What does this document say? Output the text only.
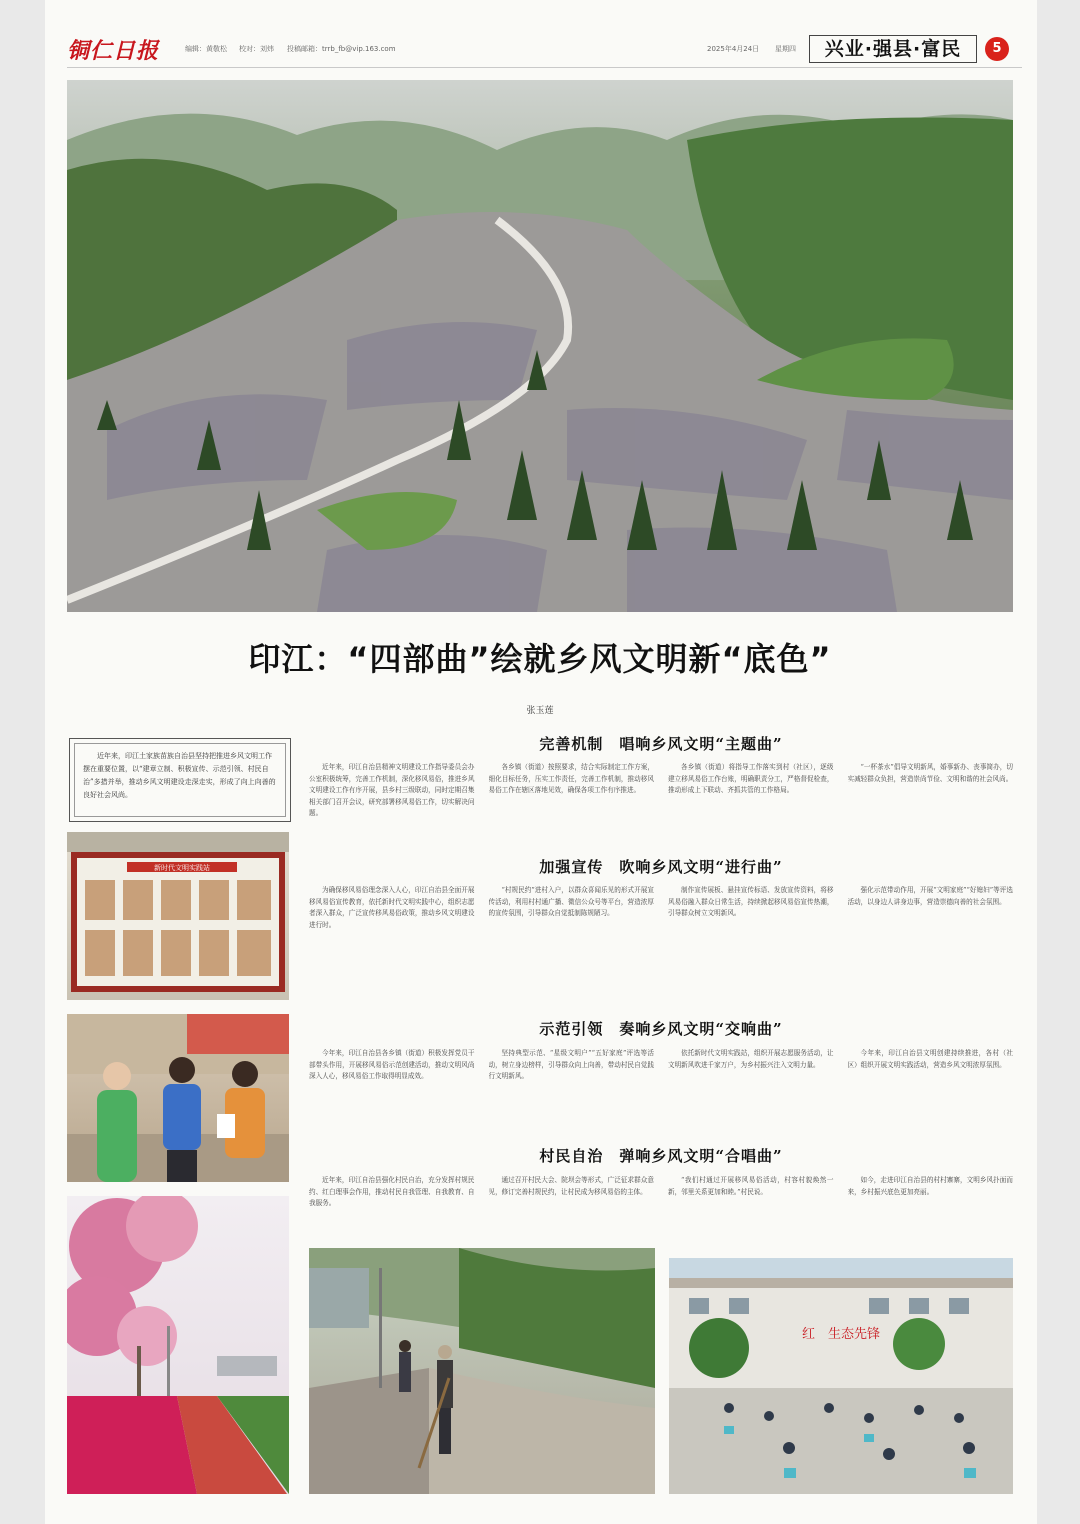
铜仁日报	编辑：黄敬松 校对：刘炜 投稿邮箱：trrb_fb@vip.163.com	2025年4月24日 星期四	兴业·强县·富民	5
印江：“四部曲”绘就乡风文明新“底色”
张玉莲
近年来，印江土家族苗族自治县坚持把推进乡风文明工作摆在重要位置，以“建章立制、积极宣传、示范引领、村民自治”多措并举，推动乡风文明建设走深走实，形成了向上向善的良好社会风尚。
新时代文明实践站
完善机制　唱响乡风文明“主题曲”
加强宣传　吹响乡风文明“进行曲”
示范引领　奏响乡风文明“交响曲”
村民自治　弹响乡风文明“合唱曲”

近年来，印江自治县精神文明建设工作指导委员会办公室积极统筹，完善工作机制，深化移风易俗，推进乡风文明建设工作有序开展，县乡村三级联动，同时定期召集相关部门召开会议，研究部署移风易俗工作，切实解决问题。

各乡镇（街道）按照要求，结合实际制定工作方案，细化目标任务，压实工作责任，完善工作机制，推动移风易俗工作在辖区落地见效，确保各项工作有序推进。

各乡镇（街道）将指导工作落实到村（社区），逐级建立移风易俗工作台账，明确职责分工，严格督促检查，推动形成上下联动、齐抓共管的工作格局。

“一杯茶水”倡导文明新风，婚事新办、丧事简办，切实减轻群众负担，营造崇尚节俭、文明和谐的社会风尚。

为确保移风易俗理念深入人心，印江自治县全面开展移风易俗宣传教育，依托新时代文明实践中心，组织志愿者深入群众，广泛宣传移风易俗政策，推动乡风文明建设进行时。

“村规民约”进村入户，以群众喜闻乐见的形式开展宣传活动，利用村村通广播、微信公众号等平台，营造浓厚的宣传氛围，引导群众自觉抵制陈规陋习。

制作宣传展板、悬挂宣传标语、发放宣传资料，将移风易俗融入群众日常生活，持续掀起移风易俗宣传热潮，引导群众树立文明新风。

强化示范带动作用，开展“文明家庭”“好媳妇”等评选活动，以身边人讲身边事，营造崇德向善的社会氛围。

今年来，印江自治县各乡镇（街道）积极发挥党员干部带头作用，开展移风易俗示范创建活动，推动文明风尚深入人心，移风易俗工作取得明显成效。

坚持典型示范、“星级文明户”“五好家庭”评选等活动，树立身边榜样，引导群众向上向善，带动村民自觉践行文明新风。

依托新时代文明实践站，组织开展志愿服务活动，让文明新风吹进千家万户，为乡村振兴注入文明力量。

今年来，印江自治县文明创建持续推进，各村（社区）组织开展文明实践活动，营造乡风文明浓厚氛围。

近年来，印江自治县强化村民自治，充分发挥村规民约、红白理事会作用，推动村民自我管理、自我教育、自我服务。

通过召开村民大会、院坝会等形式，广泛征求群众意见，修订完善村规民约，让村民成为移风易俗的主体。

“我们村通过开展移风易俗活动，村容村貌焕然一新，邻里关系更加和睦。”村民说。

如今，走进印江自治县的村村寨寨，文明乡风扑面而来，乡村振兴底色更加亮丽。

红　生态先锋
